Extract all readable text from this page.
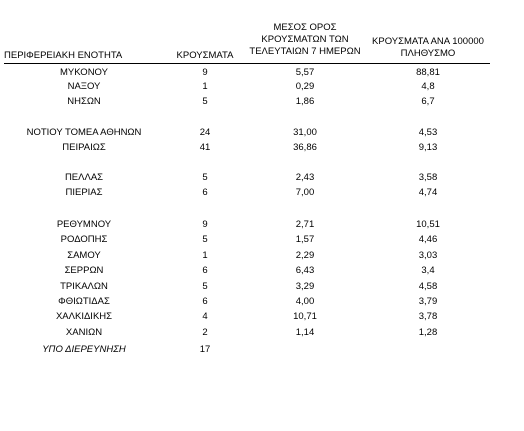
ΠΕΡΙΦΕΡΕΙΑΚΗ ΕΝΟΤΗΤΑ	ΚΡΟΥΣΜΑΤΑ
ΜΕΣΟΣ ΟΡΟΣ
ΚΡΟΥΣΜΑΤΩΝ ΤΩΝ
ΤΕΛΕΥΤΑΙΩΝ 7 ΗΜΕΡΩΝ
ΚΡΟΥΣΜΑΤΑ ΑΝΑ 100000
ΠΛΗΘΥΣΜΟ
ΜΥΚΟΝΟΥ	9	5,57	88,81
ΝΑΞΟΥ	1	0,29	4,8
ΝΗΣΩΝ	5	1,86	6,7
ΝΟΤΙΟΥ ΤΟΜΕΑ ΑΘΗΝΩΝ	24	31,00	4,53
ΠΕΙΡΑΙΩΣ	41	36,86	9,13
ΠΕΛΛΑΣ	5	2,43	3,58
ΠΙΕΡΙΑΣ	6	7,00	4,74
ΡΕΘΥΜΝΟΥ	9	2,71	10,51
ΡΟΔΟΠΗΣ	5	1,57	4,46
ΣΑΜΟΥ	1	2,29	3,03
ΣΕΡΡΩΝ	6	6,43	3,4
ΤΡΙΚΑΛΩΝ	5	3,29	4,58
ΦΘΙΩΤΙΔΑΣ	6	4,00	3,79
ΧΑΛΚΙΔΙΚΗΣ	4	10,71	3,78
ΧΑΝΙΩΝ	2	1,14	1,28
ΥΠΟ ΔΙΕΡΕΥΝΗΣΗ	17
